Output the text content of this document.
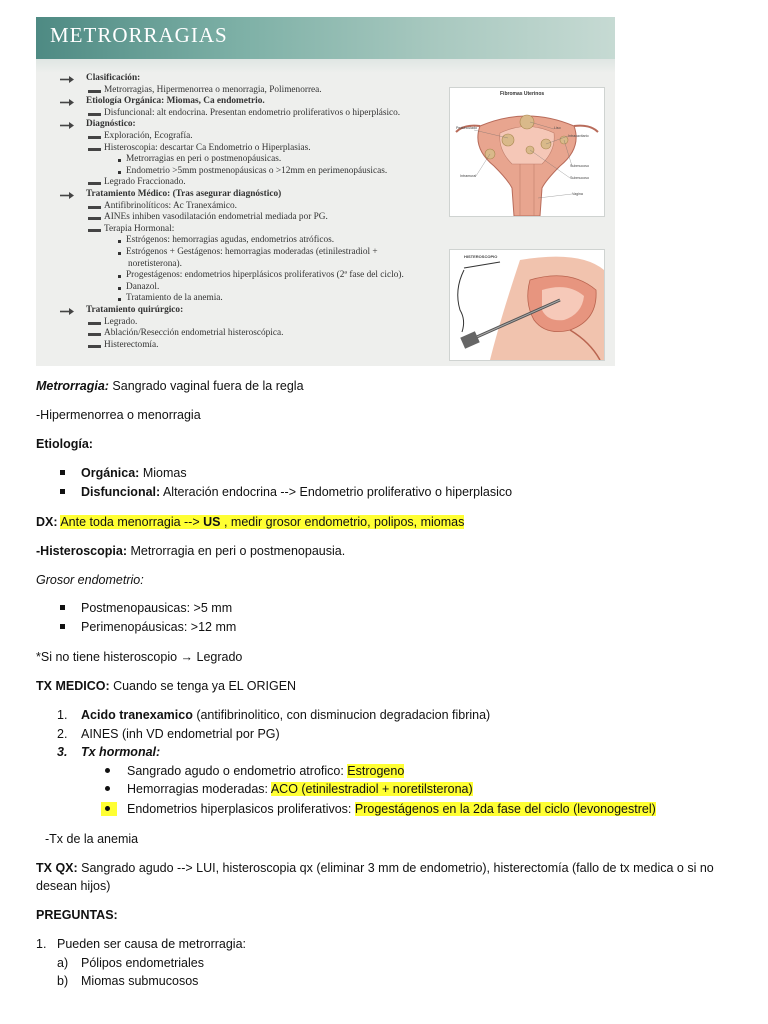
METRORRAGIAS
Clasificación:
Metrorragias, Hipermenorrea o menorragia, Polimenorrea.
Etiología Orgánica: Miomas, Ca endometrio.
Disfuncional: alt endocrina. Presentan endometrio proliferativos o hiperplásico.
Diagnóstico:
Exploración, Ecografía.
Histeroscopia: descartar Ca Endometrio o Hiperplasias.
Metrorragias en peri o postmenopáusicas.
Endometrio >5mm postmenopáusicas o >12mm en perimenopáusicas.
Legrado Fraccionado.
Tratamiento Médico: (Tras asegurar diagnóstico)
Antifibrinolíticos: Ac Tranexámico.
AINEs inhiben vasodilatación endometrial mediada por PG.
Terapia Hormonal:
Estrógenos: hemorragias agudas, endometrios atróficos.
Estrógenos + Gestágenos: hemorragias moderadas (etinilestradiol +
noretisterona).
Progestágenos: endometrios hiperplásicos proliferativos (2ª fase del ciclo).
Danazol.
Tratamiento de la anemia.
Tratamiento quirúrgico:
Legrado.
Ablación/Resección endometrial histeroscópica.
Histerectomía.
Fibromas Uterinos
Pedunculado	Liso
Intracavitario
Submucoso
Intramural	Submucoso
Vagina
HISTEROSCOPIO
Metrorragia: Sangrado vaginal fuera de la regla
-Hipermenorrea o menorragia
Etiología:
Orgánica: Miomas
Disfuncional: Alteración endocrina --> Endometrio proliferativo o hiperplasico
DX: Ante toda menorragia --> US , medir grosor endometrio, polipos, miomas
-Histeroscopia: Metrorragia en peri o postmenopausia.
Grosor endometrio:
Postmenopausicas: >5 mm
Perimenopáusicas: >12 mm
*Si no tiene histeroscopio → Legrado
TX MEDICO: Cuando se tenga ya EL ORIGEN
1. Acido tranexamico (antifibrinolitico, con disminucion degradacion fibrina)
2. AINES (inh VD endometrial por PG)
3. Tx hormonal:
Sangrado agudo o endometrio atrofico: Estrogeno
Hemorragias moderadas: ACO (etinilestradiol + noretilsterona)
Endometrios hiperplasicos proliferativos: Progestágenos en la 2da fase del ciclo (levonogestrel)
-Tx de la anemia
TX QX: Sangrado agudo --> LUI, histeroscopia qx (eliminar 3 mm de endometrio), histerectomía (fallo de tx medica o si no
desean hijos)
PREGUNTAS:
1. Pueden ser causa de metrorragia:
a) Pólipos endometriales
b) Miomas submucosos
